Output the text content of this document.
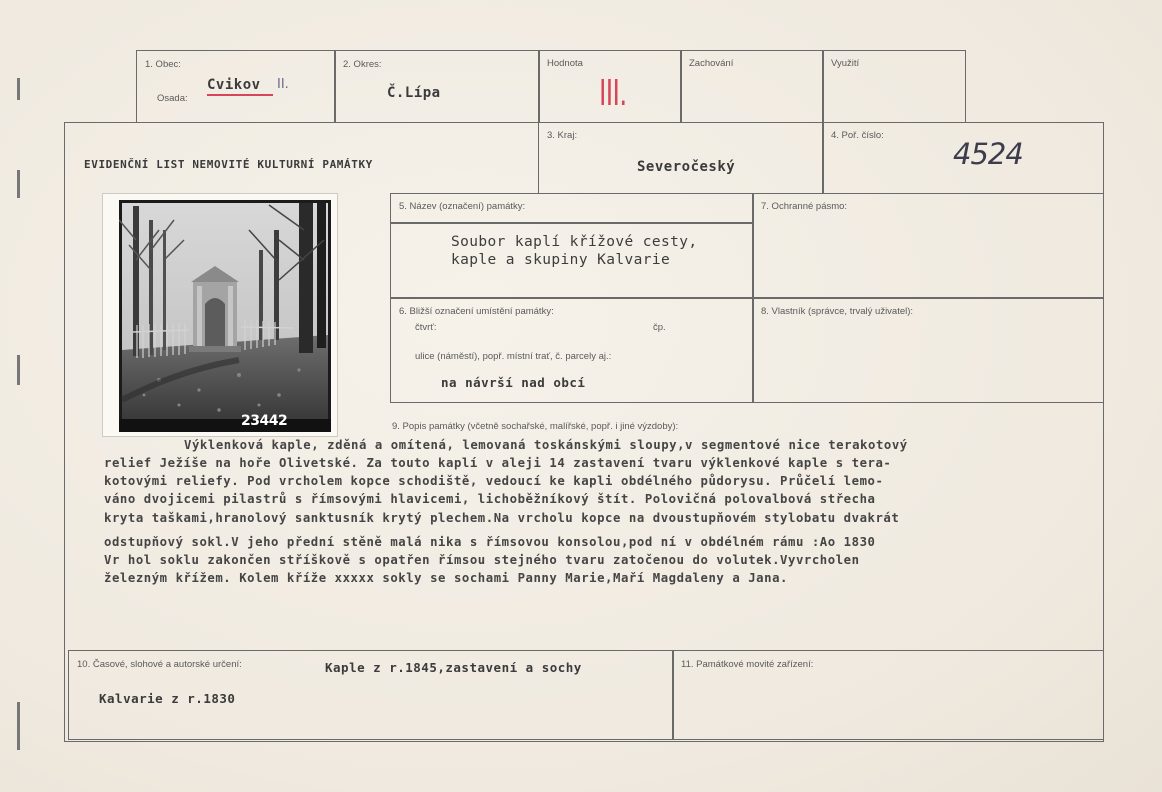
1. Obec:
Osada:
Cvikov II.
2. Okres:
Č.Lípa
Hodnota
III.
Zachování	Využití
EVIDENČNÍ LIST NEMOVITÉ KULTURNÍ PAMÁTKY
3. Kraj:
Severočeský
4. Poř. číslo:
4524
23442
5. Název (označení) památky:
Soubor kaplí křížové cesty,
kaple a skupiny Kalvarie
7. Ochranné pásmo:
6. Bližší označení umístění památky:
čtvrť:	čp.
ulice (náměstí), popř. místní trať, č. parcely aj.:
na návrší nad obcí
8. Vlastník (správce, trvalý uživatel):
9. Popis památky (včetně sochařské, malířské, popř. i jiné výzdoby):
Výklenková kaple, zděná a omítená, lemovaná toskánskými sloupy,v segmentové nice terakotový
relief Ježíše na hoře Olivetské. Za touto kaplí v aleji 14 zastavení tvaru výklenkové kaple s tera-
kotovými reliefy. Pod vrcholem kopce schodiště, vedoucí ke kapli obdélného půdorysu. Průčelí lemo-
váno dvojicemi pilastrů s římsovými hlavicemi, lichoběžníkový štít. Polovičná polovalbová střecha
kryta taškami,hranolový sanktusník krytý plechem.Na vrcholu kopce na dvoustupňovém stylobatu dvakrát
odstupňový sokl.V jeho přední stěně malá nika s římsovou konsolou,pod ní v obdélném rámu :Ao 1830
Vr hol soklu zakončen stříškově s opatřen římsou stejného tvaru zatočenou do volutek.Vyvrcholen
železným křížem. Kolem kříže xxxxx sokly se sochami Panny Marie,Maří Magdaleny a Jana.
10. Časové, slohové a autorské určení:	Kaple z r.1845,zastavení a sochy
Kalvarie z r.1830
11. Památkové movité zařízení:
